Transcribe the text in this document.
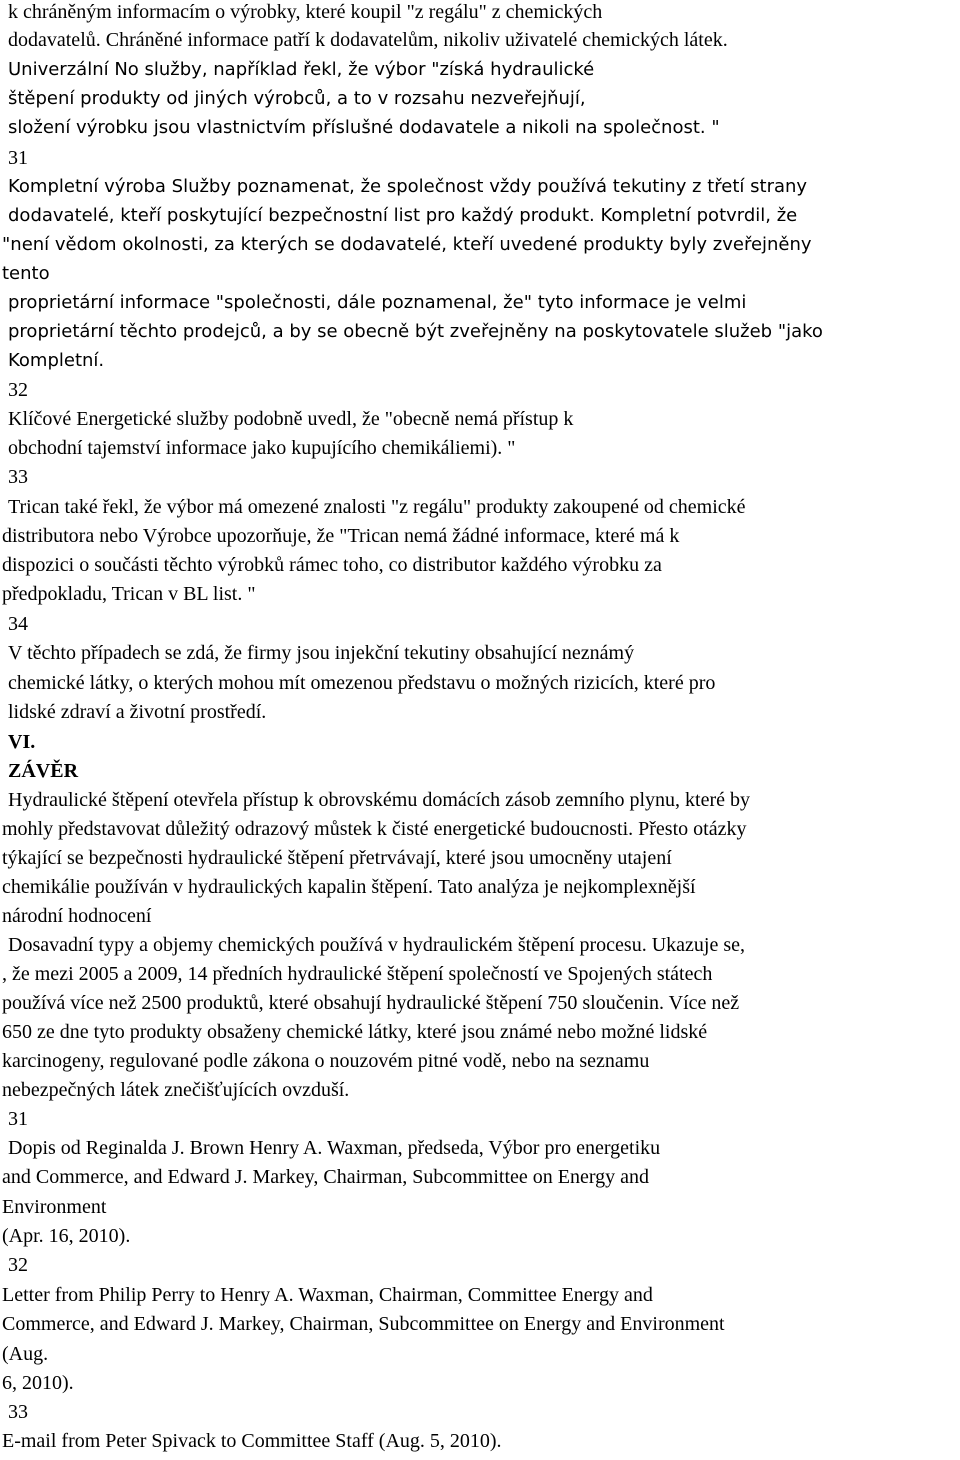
k chráněným informacím o výrobky, které koupil "z regálu" z chemických
dodavatelů. Chráněné informace patří k dodavatelům, nikoliv uživatelé chemických látek.
Univerzální No služby, například řekl, že výbor "získá hydraulické
štěpení produkty od jiných výrobců, a to v rozsahu nezveřejňují,
složení výrobku jsou vlastnictvím příslušné dodavatele a nikoli na společnost. "
31
Kompletní výroba Služby poznamenat, že společnost vždy používá tekutiny z třetí strany
dodavatelé, kteří poskytující bezpečnostní list pro každý produkt. Kompletní potvrdil, že
"není vědom okolnosti, za kterých se dodavatelé, kteří uvedené produkty byly zveřejněny
tento
proprietární informace "společnosti, dále poznamenal, že" tyto informace je velmi
proprietární těchto prodejců, a by se obecně být zveřejněny na poskytovatele služeb "jako
Kompletní.
32
Klíčové Energetické služby podobně uvedl, že "obecně nemá přístup k
obchodní tajemství informace jako kupujícího chemikáliemi). "
33
Trican také řekl, že výbor má omezené znalosti "z regálu" produkty zakoupené od chemické
distributora nebo Výrobce upozorňuje, že "Trican nemá žádné informace, které má k
dispozici o součásti těchto výrobků rámec toho, co distributor každého výrobku za
předpokladu, Trican v BL list. "
34
V těchto případech se zdá, že firmy jsou injekční tekutiny obsahující neznámý
chemické látky, o kterých mohou mít omezenou představu o možných rizicích, které pro
lidské zdraví a životní prostředí.
VI.
ZÁVĚR
Hydraulické štěpení otevřela přístup k obrovskému domácích zásob zemního plynu, které by
mohly představovat důležitý odrazový můstek k čisté energetické budoucnosti. Přesto otázky
týkající se bezpečnosti hydraulické štěpení přetrvávají, které jsou umocněny utajení
chemikálie používán v hydraulických kapalin štěpení. Tato analýza je nejkomplexnější
národní hodnocení
Dosavadní typy a objemy chemických používá v hydraulickém štěpení procesu. Ukazuje se,
, že mezi 2005 a 2009, 14 předních hydraulické štěpení společností ve Spojených státech
používá více než 2500 produktů, které obsahují hydraulické štěpení 750 sloučenin. Více než
650 ze dne tyto produkty obsaženy chemické látky, které jsou známé nebo možné lidské
karcinogeny, regulované podle zákona o nouzovém pitné vodě, nebo na seznamu
nebezpečných látek znečišťujících ovzduší.
31
Dopis od Reginalda J. Brown Henry A. Waxman, předseda, Výbor pro energetiku
and Commerce, and Edward J. Markey, Chairman, Subcommittee on Energy and
Environment
(Apr. 16, 2010).
32
Letter from Philip Perry to Henry A. Waxman, Chairman, Committee Energy and
Commerce, and Edward J. Markey, Chairman, Subcommittee on Energy and Environment
(Aug.
6, 2010).
33
E-mail from Peter Spivack to Committee Staff (Aug. 5, 2010).
